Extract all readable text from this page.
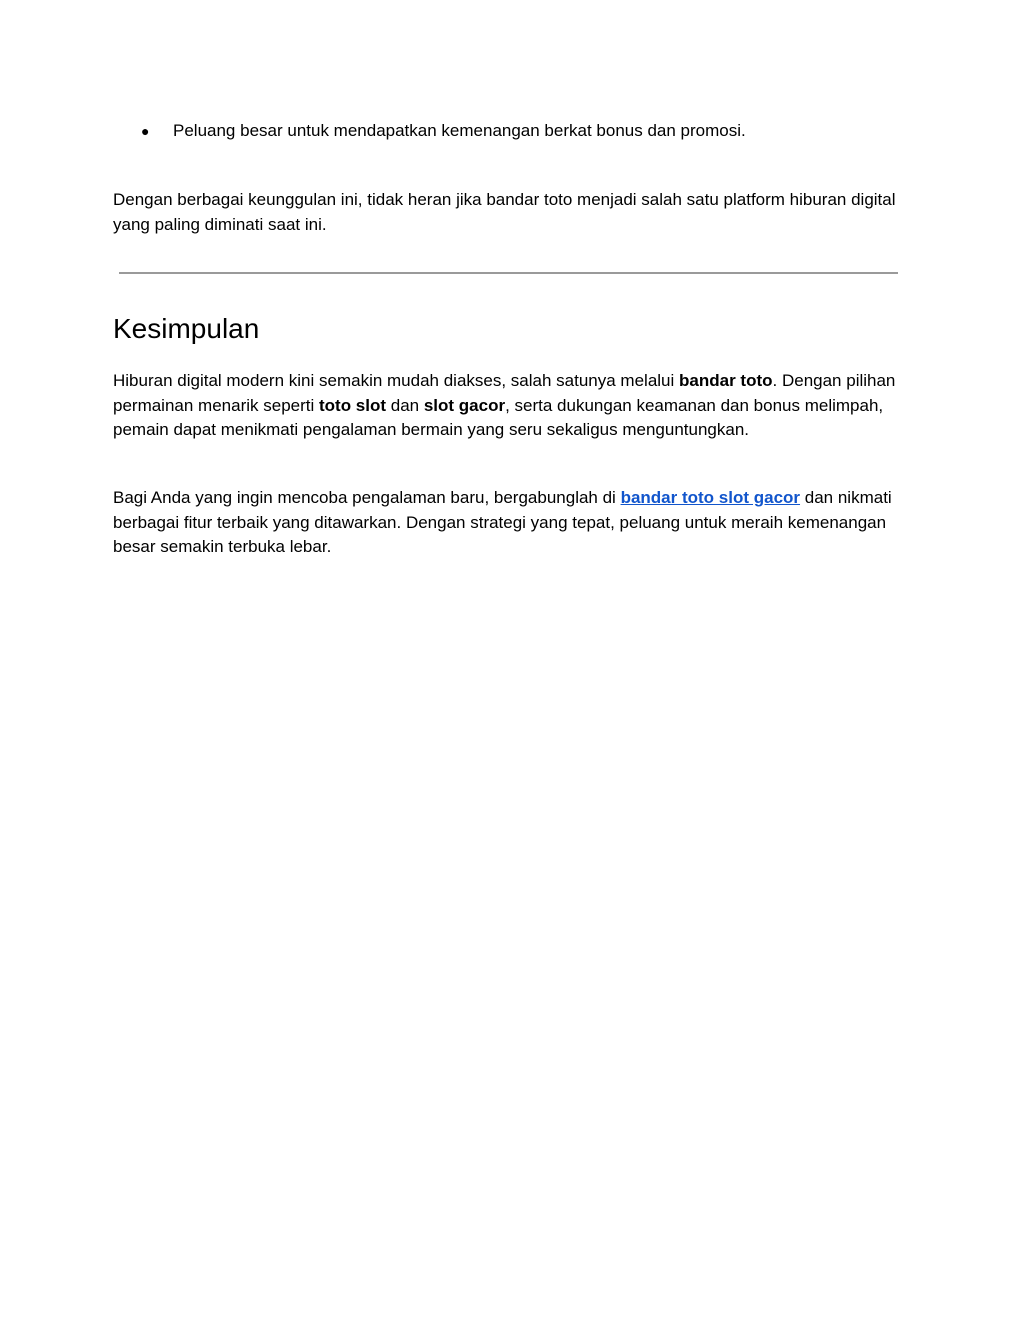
● Peluang besar untuk mendapatkan kemenangan berkat bonus dan promosi.

Dengan berbagai keunggulan ini, tidak heran jika bandar toto menjadi salah satu platform hiburan digital yang paling diminati saat ini.

Kesimpulan

Hiburan digital modern kini semakin mudah diakses, salah satunya melalui bandar toto. Dengan pilihan permainan menarik seperti toto slot dan slot gacor, serta dukungan keamanan dan bonus melimpah, pemain dapat menikmati pengalaman bermain yang seru sekaligus menguntungkan.

Bagi Anda yang ingin mencoba pengalaman baru, bergabunglah di bandar toto slot gacor dan nikmati berbagai fitur terbaik yang ditawarkan. Dengan strategi yang tepat, peluang untuk meraih kemenangan besar semakin terbuka lebar.
